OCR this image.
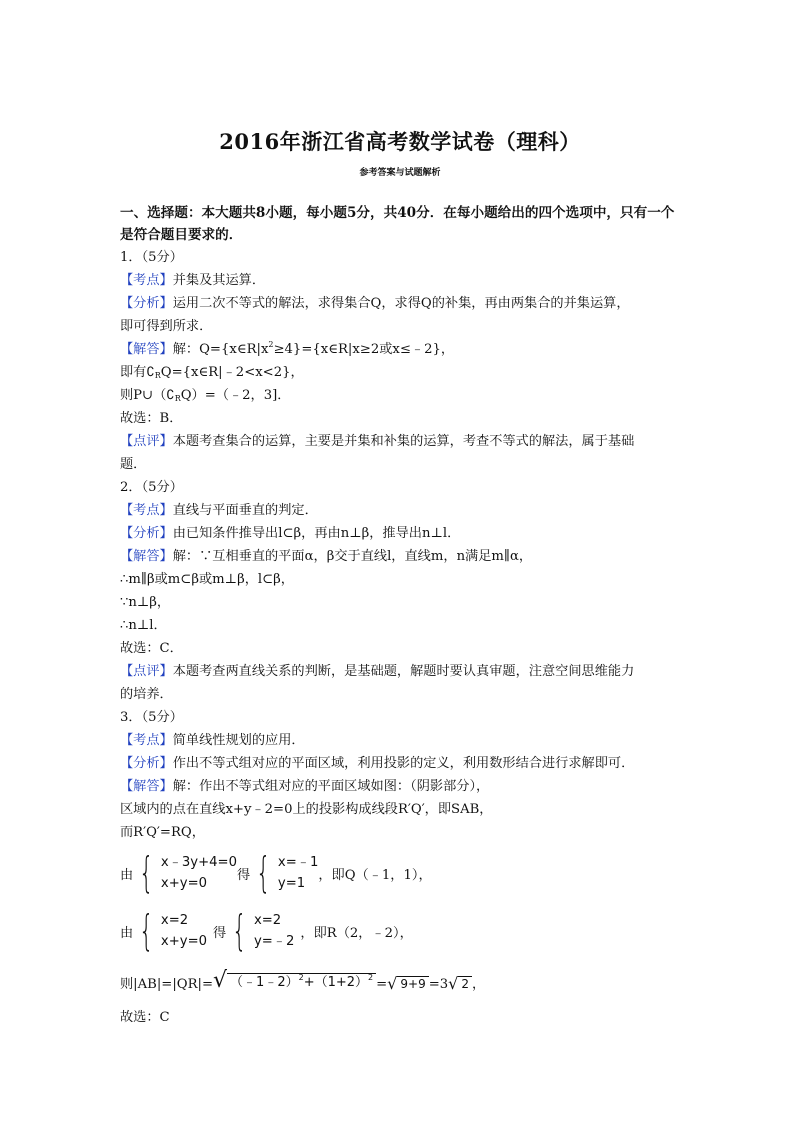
2016年浙江省高考数学试卷（理科）
参考答案与试题解析
一、选择题：本大题共8小题，每小题5分，共40分．在每小题给出的四个选项中，只有一个是符合题目要求的．
1．（5分）
【考点】并集及其运算．
【分析】运用二次不等式的解法，求得集合Q，求得Q的补集，再由两集合的并集运算，
即可得到所求．
【解答】解：$Q=\{x\in R|x^2\ge 4\}=\{x\in R|x\ge 2$或x≤﹣2}，
即有$∁_RQ=\{x\in R|﹣2<x<2\}$，
则$P\cup(∁_RQ)=(﹣2$，3]．
故选：B．
【点评】本题考查集合的运算，主要是并集和补集的运算，考查不等式的解法，属于基础
题．
2．（5分）
【考点】直线与平面垂直的判定．
【分析】由已知条件推导出l⊂β，再由n⊥β，推导出n⊥l．
【解答】解：∵互相垂直的平面α，β交于直线l，直线m，n满足m∥α，
∴m∥β或m⊂β或m⊥β，l⊂β，
∵n⊥β，
∴n⊥l．
故选：C．
【点评】本题考查两直线关系的判断，是基础题，解题时要认真审题，注意空间思维能力
的培养．
3．（5分）
【考点】简单线性规划的应用．
【分析】作出不等式组对应的平面区域，利用投影的定义，利用数形结合进行求解即可．
【解答】解：作出不等式组对应的平面区域如图：（阴影部分），
区域内的点在直线x+y﹣2=0上的投影构成线段R′Q′，即SAB，
而R′Q′=RQ，
由 { x﹣3y+4=0
x+y=0
得 { x=﹣1
y=1
，即Q（﹣1，1），
由 { x=2
x+y=0
得 { x=2
y=﹣2
，即R（2，﹣2），
则|AB|=|QR|= √ $(﹣1﹣2)^2+(1+2)^2$ = √ 9+9 =3 √ 2 ，
故选：C
